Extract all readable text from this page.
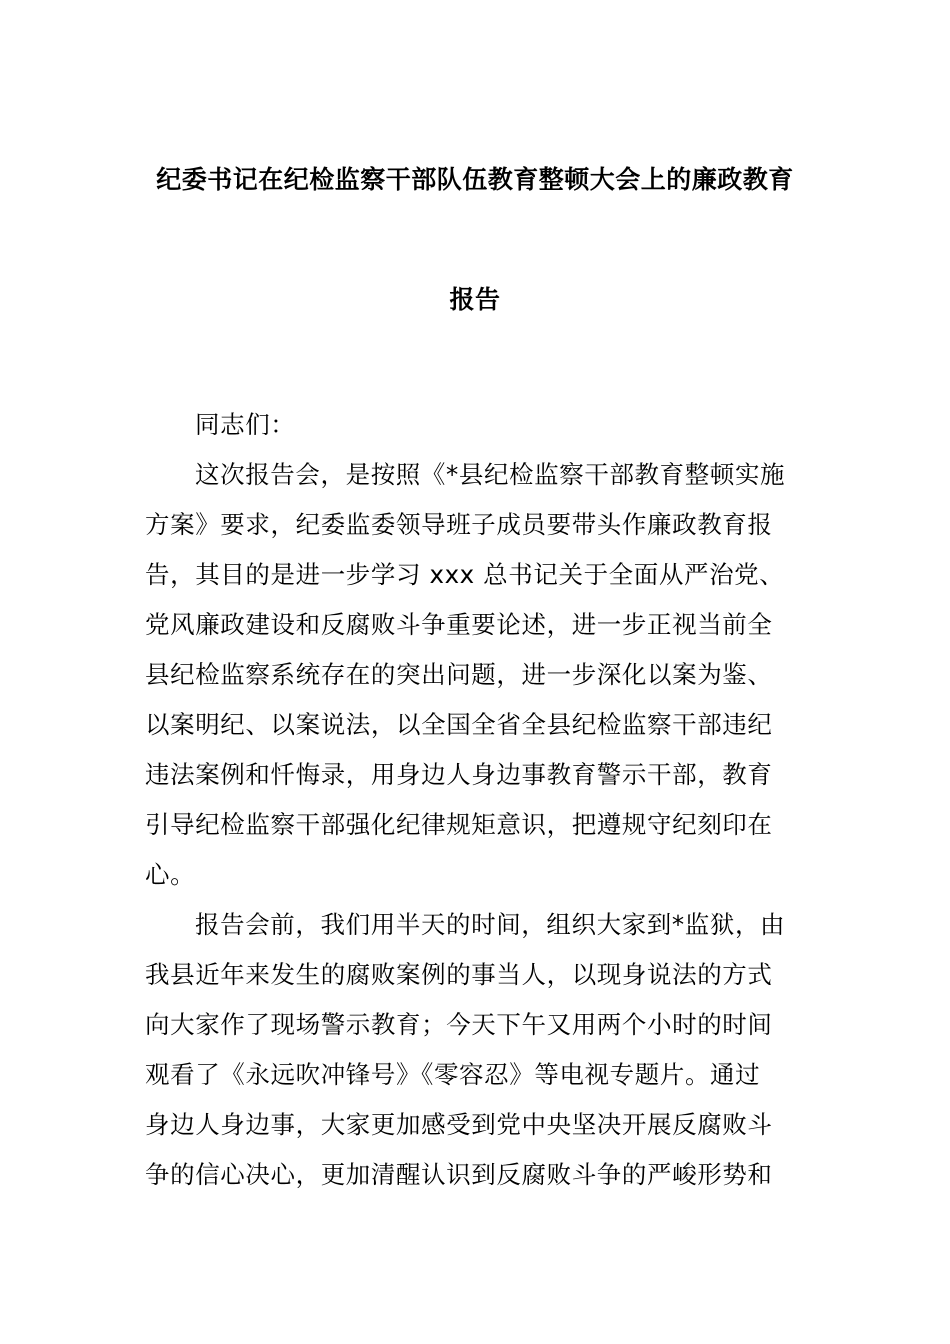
纪委书记在纪检监察干部队伍教育整顿大会上的廉政教育
报告
同志们：
这次报告会，是按照《*县纪检监察干部教育整顿实施
方案》要求，纪委监委领导班子成员要带头作廉政教育报
告，其目的是进一步学习 xxx 总书记关于全面从严治党、
党风廉政建设和反腐败斗争重要论述，进一步正视当前全
县纪检监察系统存在的突出问题，进一步深化以案为鉴、
以案明纪、以案说法，以全国全省全县纪检监察干部违纪
违法案例和忏悔录，用身边人身边事教育警示干部，教育
引导纪检监察干部强化纪律规矩意识，把遵规守纪刻印在
心。
报告会前，我们用半天的时间，组织大家到*监狱，由
我县近年来发生的腐败案例的事当人，以现身说法的方式
向大家作了现场警示教育；今天下午又用两个小时的时间
观看了《永远吹冲锋号》《零容忍》等电视专题片。通过
身边人身边事，大家更加感受到党中央坚决开展反腐败斗
争的信心决心，更加清醒认识到反腐败斗争的严峻形势和
